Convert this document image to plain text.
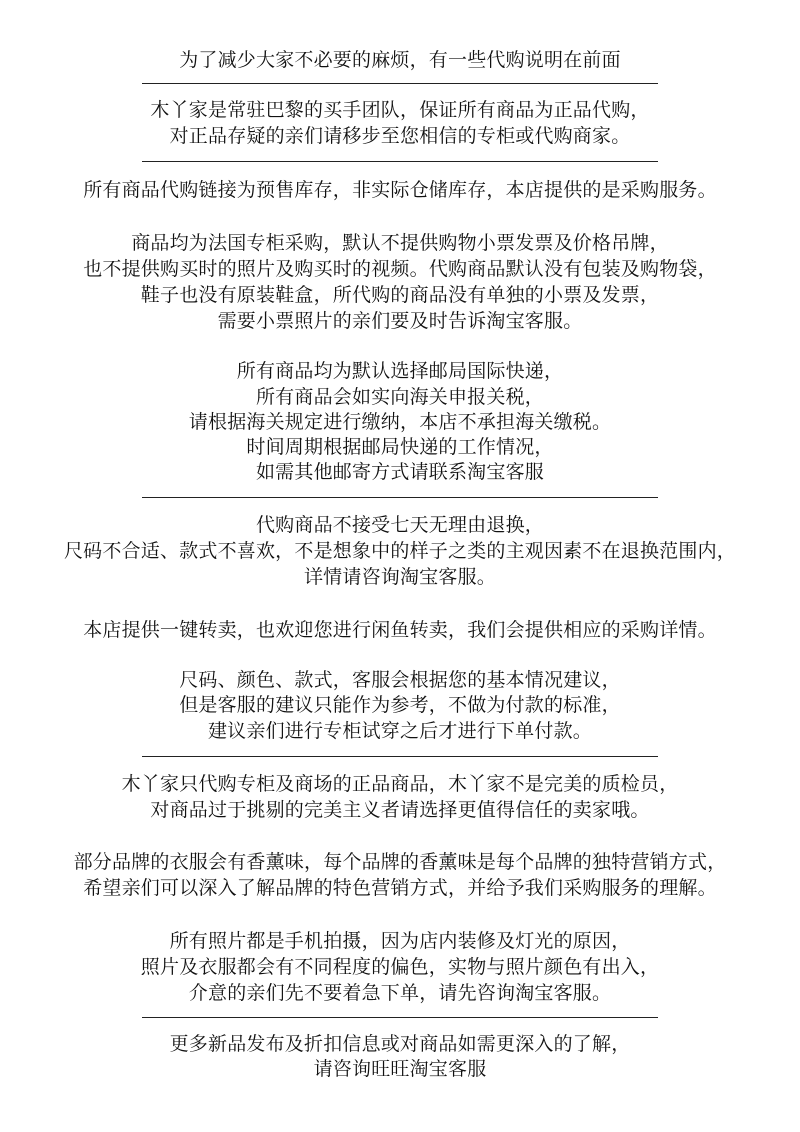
为了减少大家不必要的麻烦，有一些代购说明在前面
木丫家是常驻巴黎的买手团队，保证所有商品为正品代购，
对正品存疑的亲们请移步至您相信的专柜或代购商家。
所有商品代购链接为预售库存，非实际仓储库存，本店提供的是采购服务。
商品均为法国专柜采购，默认不提供购物小票发票及价格吊牌，
也不提供购买时的照片及购买时的视频。代购商品默认没有包装及购物袋，
鞋子也没有原装鞋盒，所代购的商品没有单独的小票及发票，
需要小票照片的亲们要及时告诉淘宝客服。
所有商品均为默认选择邮局国际快递，
所有商品会如实向海关申报关税，
请根据海关规定进行缴纳，本店不承担海关缴税。
时间周期根据邮局快递的工作情况，
如需其他邮寄方式请联系淘宝客服
代购商品不接受七天无理由退换，
尺码不合适、款式不喜欢，不是想象中的样子之类的主观因素不在退换范围内，
详情请咨询淘宝客服。
本店提供一键转卖，也欢迎您进行闲鱼转卖，我们会提供相应的采购详情。
尺码、颜色、款式，客服会根据您的基本情况建议，
但是客服的建议只能作为参考，不做为付款的标准，
建议亲们进行专柜试穿之后才进行下单付款。
木丫家只代购专柜及商场的正品商品，木丫家不是完美的质检员，
对商品过于挑剔的完美主义者请选择更值得信任的卖家哦。
部分品牌的衣服会有香薰味，每个品牌的香薰味是每个品牌的独特营销方式，
希望亲们可以深入了解品牌的特色营销方式，并给予我们采购服务的理解。
所有照片都是手机拍摄，因为店内装修及灯光的原因，
照片及衣服都会有不同程度的偏色，实物与照片颜色有出入，
介意的亲们先不要着急下单，请先咨询淘宝客服。
更多新品发布及折扣信息或对商品如需更深入的了解，
请咨询旺旺淘宝客服
